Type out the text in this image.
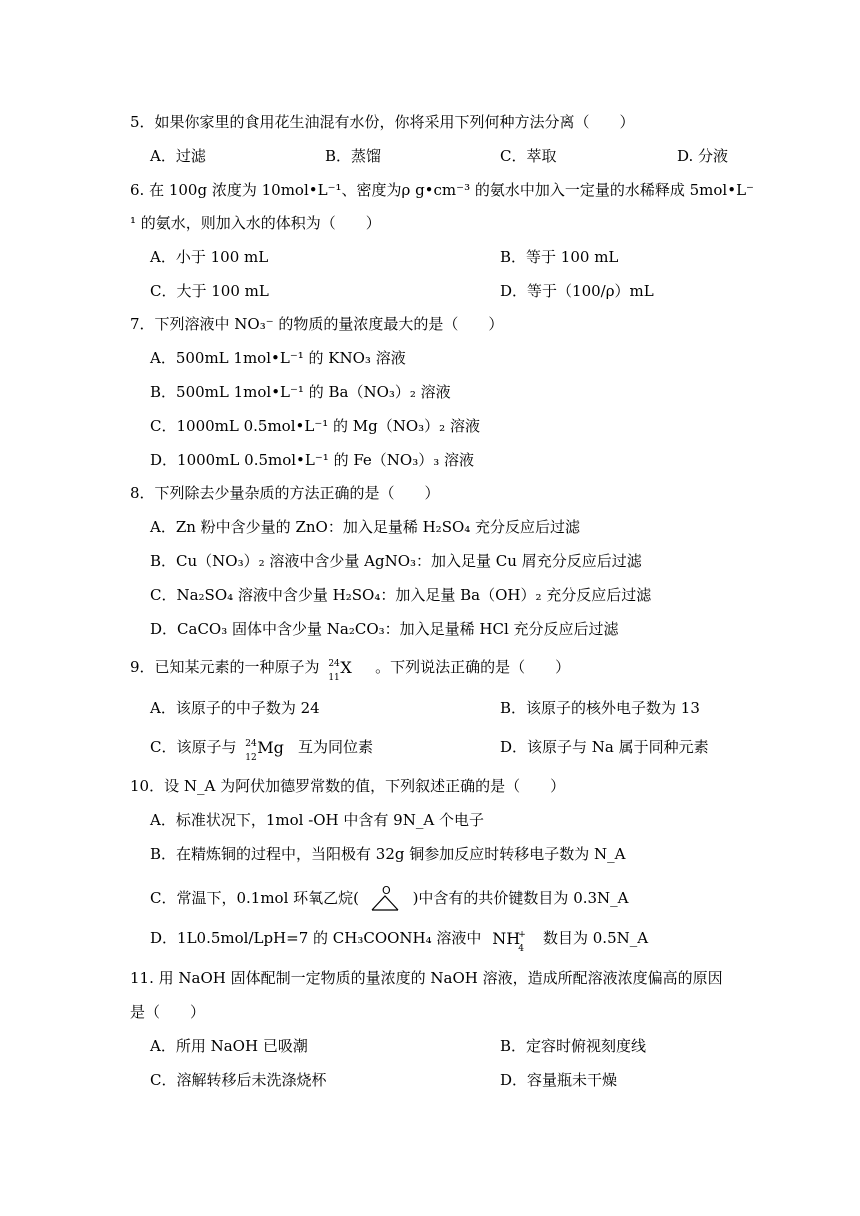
5．如果你家里的食用花生油混有水份，你将采用下列何种方法分离（　　）
A．过滤	B．蒸馏	C．萃取	D. 分液
6. 在 100g 浓度为 10mol•L⁻¹、密度为ρ g•cm⁻³ 的氨水中加入一定量的水稀释成 5mol•L⁻
¹ 的氨水，则加入水的体积为（　　）
A．小于 100 mL	B．等于 100 mL
C．大于 100 mL	D．等于（100/ρ）mL
7．下列溶液中 NO₃⁻ 的物质的量浓度最大的是（　　）
A．500mL 1mol•L⁻¹ 的 KNO₃ 溶液
B．500mL 1mol•L⁻¹ 的 Ba（NO₃）₂ 溶液
C．1000mL 0.5mol•L⁻¹ 的 Mg（NO₃）₂ 溶液
D．1000mL 0.5mol•L⁻¹ 的 Fe（NO₃）₃ 溶液
8．下列除去少量杂质的方法正确的是（　　）
A．Zn 粉中含少量的 ZnO：加入足量稀 H₂SO₄ 充分反应后过滤
B．Cu（NO₃）₂ 溶液中含少量 AgNO₃：加入足量 Cu 屑充分反应后过滤
C．Na₂SO₄ 溶液中含少量 H₂SO₄：加入足量 Ba（OH）₂ 充分反应后过滤
D．CaCO₃ 固体中含少量 Na₂CO₃：加入足量稀 HCl 充分反应后过滤
9．已知某元素的一种原子为 24
11
X 。下列说法正确的是（　　）
A．该原子的中子数为 24	B．该原子的核外电子数为 13
C．该原子与 24
12
Mg 互为同位素	D．该原子与 Na 属于同种元素
10．设 N_A 为阿伏加德罗常数的值，下列叙述正确的是（　　）
A．标准状况下，1mol -OH 中含有 9N_A 个电子
B．在精炼铜的过程中，当阳极有 32g 铜参加反应时转移电子数为 N_A
C．常温下，0.1mol 环氧乙烷( O )中含有的共价键数目为 0.3N_A
D．1L0.5mol/LpH=7 的 CH₃COONH₄ 溶液中 NH
+
4
数目为 0.5N_A
11. 用 NaOH 固体配制一定物质的量浓度的 NaOH 溶液，造成所配溶液浓度偏高的原因
是（　　）
A．所用 NaOH 已吸潮	B．定容时俯视刻度线
C．溶解转移后未洗涤烧杯	D．容量瓶未干燥
